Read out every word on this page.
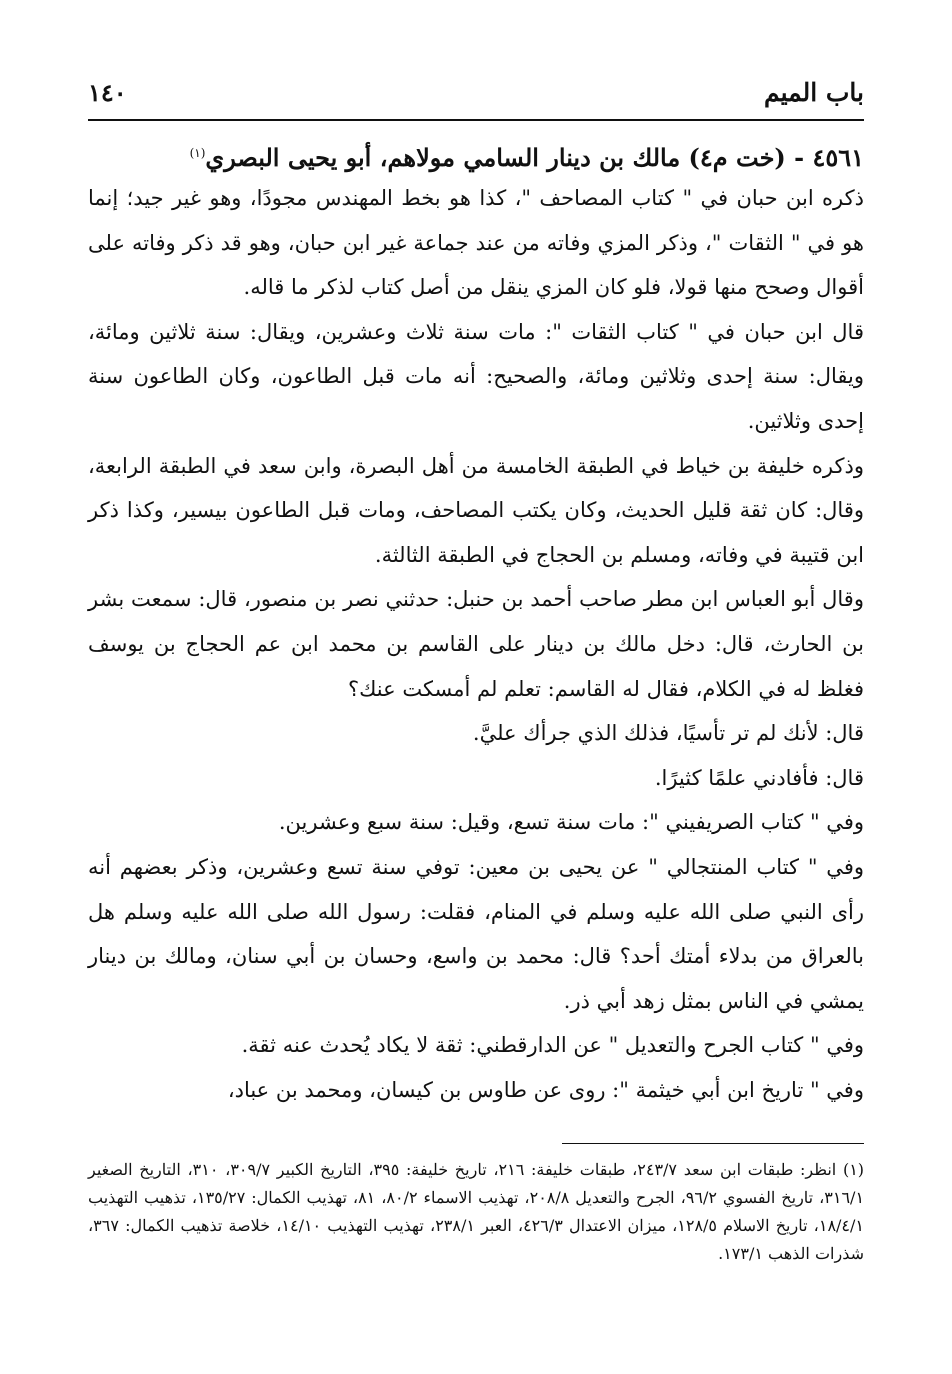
باب الميم
١٤٠
٤٥٦١ - (خت م٤) مالك بن دينار السامي مولاهم، أبو يحيى البصري$^{(١)}$

ذكره ابن حبان في " كتاب المصاحف "، كذا هو بخط المهندس مجودًا، وهو غير جيد؛ إنما هو في " الثقات "، وذكر المزي وفاته من عند جماعة غير ابن حبان، وهو قد ذكر وفاته على أقوال وصحح منها قولا، فلو كان المزي ينقل من أصل كتاب لذكر ما قاله.

قال ابن حبان في " كتاب الثقات ": مات سنة ثلاث وعشرين، ويقال: سنة ثلاثين ومائة، ويقال: سنة إحدى وثلاثين ومائة، والصحيح: أنه مات قبل الطاعون، وكان الطاعون سنة إحدى وثلاثين.

وذكره خليفة بن خياط في الطبقة الخامسة من أهل البصرة، وابن سعد في الطبقة الرابعة، وقال: كان ثقة قليل الحديث، وكان يكتب المصاحف، ومات قبل الطاعون بيسير، وكذا ذكر ابن قتيبة في وفاته، ومسلم بن الحجاج في الطبقة الثالثة.

وقال أبو العباس ابن مطر صاحب أحمد بن حنبل: حدثني نصر بن منصور، قال: سمعت بشر بن الحارث، قال: دخل مالك بن دينار على القاسم بن محمد ابن عم الحجاج بن يوسف فغلظ له في الكلام، فقال له القاسم: تعلم لم أمسكت عنك؟

قال: لأنك لم تر تأسيًا، فذلك الذي جرأك عليَّ.

قال: فأفادني علمًا كثيرًا.

وفي " كتاب الصريفيني ": مات سنة تسع، وقيل: سنة سبع وعشرين.

وفي " كتاب المنتجالي " عن يحيى بن معين: توفي سنة تسع وعشرين، وذكر بعضهم أنه رأى النبي صلى الله عليه وسلم في المنام، فقلت: رسول الله صلى الله عليه وسلم هل بالعراق من بدلاء أمتك أحد؟ قال: محمد بن واسع، وحسان بن أبي سنان، ومالك بن دينار يمشي في الناس بمثل زهد أبي ذر.

وفي " كتاب الجرح والتعديل " عن الدارقطني: ثقة لا يكاد يُحدث عنه ثقة.

وفي " تاريخ ابن أبي خيثمة ": روى عن طاوس بن كيسان، ومحمد بن عباد،

(١) انظر: طبقات ابن سعد ٢٤٣/٧، طبقات خليفة: ٢١٦، تاريخ خليفة: ٣٩٥، التاريخ الكبير ٣٠٩/٧، ٣١٠، التاريخ الصغير ٣١٦/١، تاريخ الفسوي ٩٦/٢، الجرح والتعديل ٢٠٨/٨، تهذيب الاسماء ٨٠/٢، ٨١، تهذيب الكمال: ١٣٥/٢٧، تذهيب التهذيب ١٨/٤/١، تاريخ الاسلام ١٢٨/٥، ميزان الاعتدال ٤٢٦/٣، العبر ٢٣٨/١، تهذيب التهذيب ١٤/١٠، خلاصة تذهيب الكمال: ٣٦٧، شذرات الذهب ١٧٣/١.
